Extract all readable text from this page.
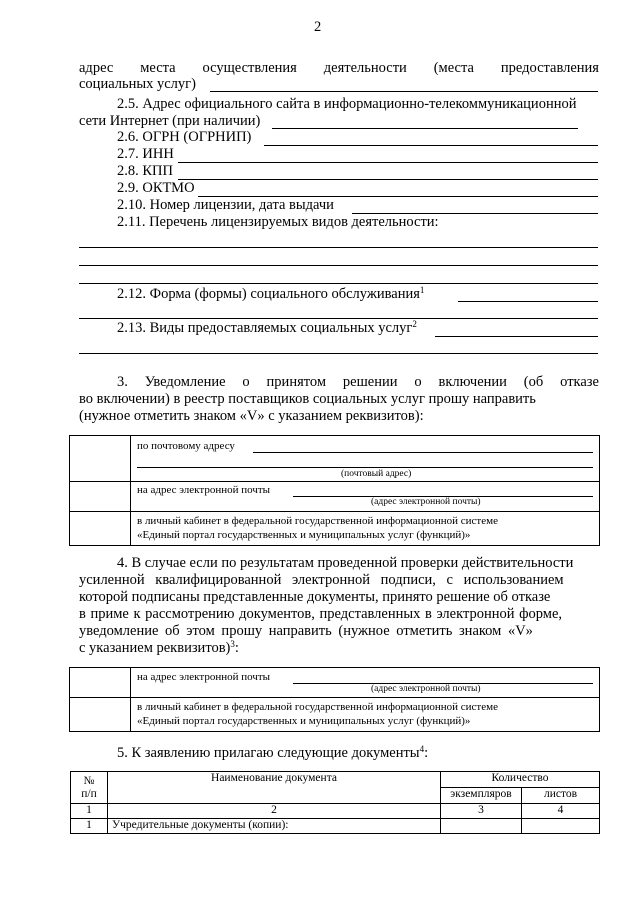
2
адрес места осуществления деятельности (места предоставления
социальных услуг)
2.5. Адрес официального сайта в информационно-телекоммуникационной
сети Интернет (при наличии)
2.6. ОГРН (ОГРНИП)
2.7. ИНН
2.8. КПП
2.9. ОКТМО
2.10. Номер лицензии, дата выдачи
2.11. Перечень лицензируемых видов деятельности:
2.12. Форма (формы) социального обслуживания$^1$
2.13. Виды предоставляемых социальных услуг$^2$
3. Уведомление о принятом решении о включении (об отказе
во включении) в реестр поставщиков социальных услуг прошу направить
(нужное отметить знаком «V» с указанием реквизитов):

	по почтовому адресу
(почтовый адрес)

	на адрес электронной почты
(адрес электронной почты)

	в личный кабинет в федеральной государственной информационной системе
«Единый портал государственных и муниципальных услуг (функций)»
4. В случае если по результатам проведенной проверки действительности
усиленной квалифицированной электронной подписи, с использованием
которой подписаны представленные документы, принято решение об отказе
в приме к рассмотрению документов, представленных в электронной форме,
уведомление об этом прошу направить (нужное отметить знаком «V»
с указанием реквизитов)$^3$:

	на адрес электронной почты
(адрес электронной почты)

	в личный кабинет в федеральной государственной информационной системе
«Единый портал государственных и муниципальных услуг (функций)»
5. К заявлению прилагаю следующие документы$^4$:
№
п/п	Наименование документа	Количество	
		экземпляров	листов
1	2	3	4
1	Учредительные документы (копии):		
